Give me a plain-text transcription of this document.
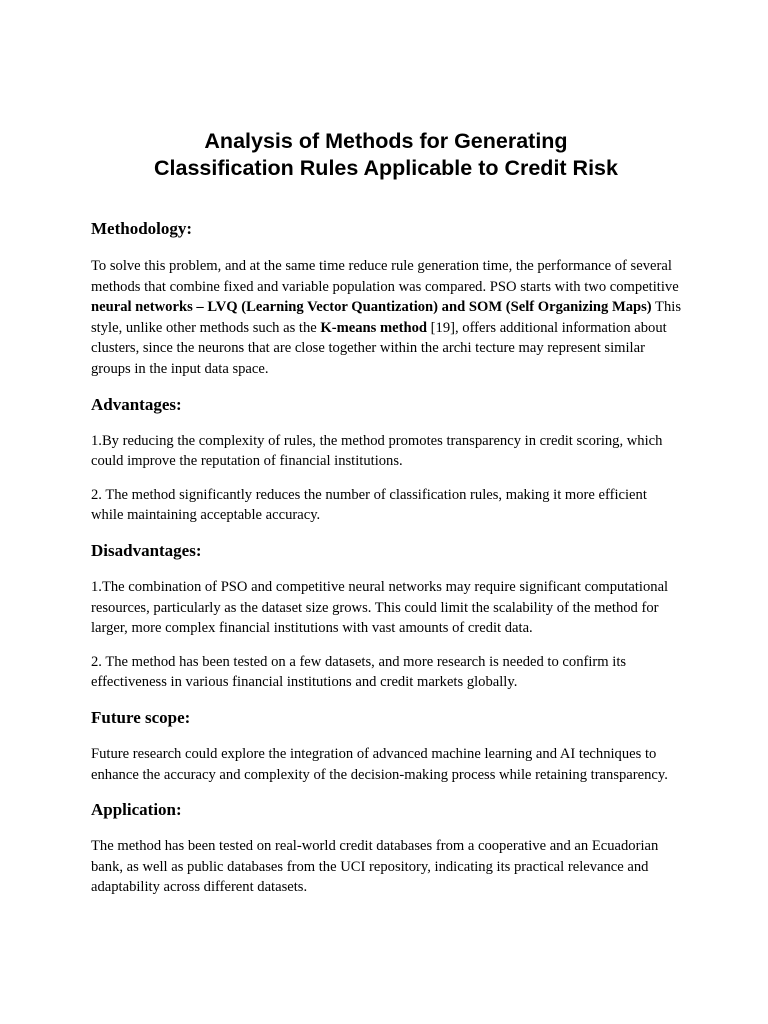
Analysis of Methods for Generating
Classification Rules Applicable to Credit Risk
Methodology:

To solve this problem, and at the same time reduce rule generation time, the performance of several methods that combine fixed and variable population was compared. PSO starts with two competitive neural networks – LVQ (Learning Vector Quantization) and SOM (Self Organizing Maps) This style, unlike other methods such as the K-means method [19], offers additional information about clusters, since the neurons that are close together within the archi tecture may represent similar groups in the input data space.

Advantages:

1.By reducing the complexity of rules, the method promotes transparency in credit scoring, which could improve the reputation of financial institutions.

2. The method significantly reduces the number of classification rules, making it more efficient while maintaining acceptable accuracy.

Disadvantages:

1.The combination of PSO and competitive neural networks may require significant computational resources, particularly as the dataset size grows. This could limit the scalability of the method for larger, more complex financial institutions with vast amounts of credit data.

2. The method has been tested on a few datasets, and more research is needed to confirm its effectiveness in various financial institutions and credit markets globally.

Future scope:

Future research could explore the integration of advanced machine learning and AI techniques to enhance the accuracy and complexity of the decision-making process while retaining transparency.

Application:

The method has been tested on real-world credit databases from a cooperative and an Ecuadorian bank, as well as public databases from the UCI repository, indicating its practical relevance and adaptability across different datasets.
